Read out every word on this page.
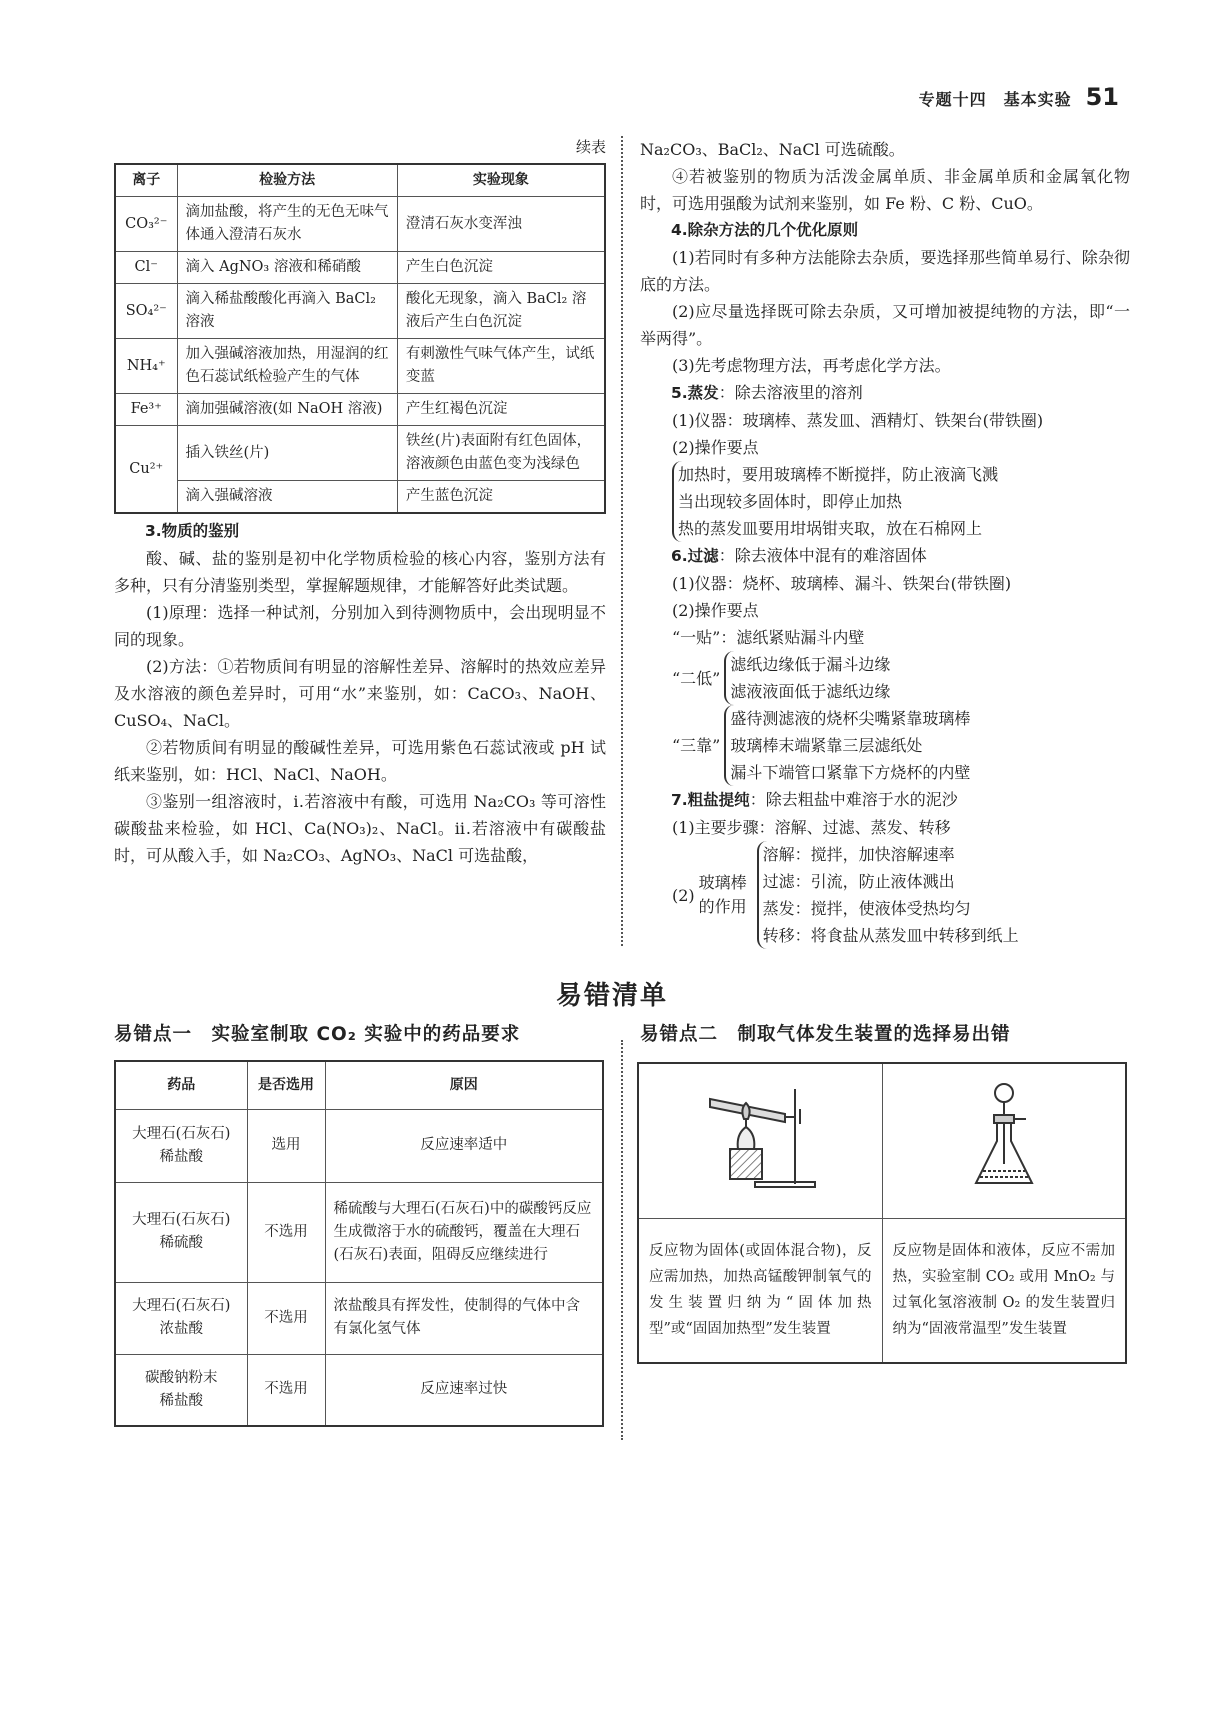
专题十四　基本实验 51
续表
离子	检验方法	实验现象
CO₃²⁻	滴加盐酸，将产生的无色无味气体通入澄清石灰水	澄清石灰水变浑浊
Cl⁻	滴入 AgNO₃ 溶液和稀硝酸	产生白色沉淀
SO₄²⁻	滴入稀盐酸酸化再滴入 BaCl₂ 溶液	酸化无现象，滴入 BaCl₂ 溶液后产生白色沉淀
NH₄⁺	加入强碱溶液加热，用湿润的红色石蕊试纸检验产生的气体	有刺激性气味气体产生，试纸变蓝
Fe³⁺	滴加强碱溶液(如 NaOH 溶液)	产生红褐色沉淀
Cu²⁺	插入铁丝(片)	铁丝(片)表面附有红色固体，溶液颜色由蓝色变为浅绿色
	滴入强碱溶液	产生蓝色沉淀
3.物质的鉴别

酸、碱、盐的鉴别是初中化学物质检验的核心内容，鉴别方法有多种，只有分清鉴别类型，掌握解题规律，才能解答好此类试题。

(1)原理：选择一种试剂，分别加入到待测物质中，会出现明显不同的现象。

(2)方法：①若物质间有明显的溶解性差异、溶解时的热效应差异及水溶液的颜色差异时，可用“水”来鉴别，如：CaCO₃、NaOH、CuSO₄、NaCl。

②若物质间有明显的酸碱性差异，可选用紫色石蕊试液或 pH 试纸来鉴别，如：HCl、NaCl、NaOH。

③鉴别一组溶液时，ⅰ.若溶液中有酸，可选用 Na₂CO₃ 等可溶性碳酸盐来检验，如 HCl、Ca(NO₃)₂、NaCl。ⅱ.若溶液中有碳酸盐时，可从酸入手，如 Na₂CO₃、AgNO₃、NaCl 可选盐酸，

Na₂CO₃、BaCl₂、NaCl 可选硫酸。

④若被鉴别的物质为活泼金属单质、非金属单质和金属氧化物时，可选用强酸为试剂来鉴别，如 Fe 粉、C 粉、CuO。

4.除杂方法的几个优化原则

(1)若同时有多种方法能除去杂质，要选择那些简单易行、除杂彻底的方法。

(2)应尽量选择既可除去杂质，又可增加被提纯物的方法，即“一举两得”。

(3)先考虑物理方法，再考虑化学方法。

5.蒸发：除去溶液里的溶剂

(1)仪器：玻璃棒、蒸发皿、酒精灯、铁架台(带铁圈)

(2)操作要点

加热时，要用玻璃棒不断搅拌，防止液滴飞溅
当出现较多固体时，即停止加热
热的蒸发皿要用坩埚钳夹取，放在石棉网上
6.过滤：除去液体中混有的难溶固体

(1)仪器：烧杯、玻璃棒、漏斗、铁架台(带铁圈)

(2)操作要点

“一贴”：滤纸紧贴漏斗内壁

“二低”
滤纸边缘低于漏斗边缘
滤液液面低于滤纸边缘
“三靠”
盛待测滤液的烧杯尖嘴紧靠玻璃棒
玻璃棒末端紧靠三层滤纸处
漏斗下端管口紧靠下方烧杯的内壁
7.粗盐提纯：除去粗盐中难溶于水的泥沙

(1)主要步骤：溶解、过滤、蒸发、转移

(2)
玻璃棒的作用
溶解：搅拌，加快溶解速率
过滤：引流，防止液体溅出
蒸发：搅拌，使液体受热均匀
转移：将食盐从蒸发皿中转移到纸上
易错清单
易错点一　实验室制取 CO₂ 实验中的药品要求	易错点二　制取气体发生装置的选择易出错
药品	是否选用	原因
大理石(石灰石)
稀盐酸	选用	反应速率适中
大理石(石灰石)
稀硫酸	不选用	稀硫酸与大理石(石灰石)中的碳酸钙反应生成微溶于水的硫酸钙，覆盖在大理石(石灰石)表面，阻碍反应继续进行
大理石(石灰石)
浓盐酸	不选用	浓盐酸具有挥发性，使制得的气体中含有氯化氢气体
碳酸钠粉末
稀盐酸	不选用	反应速率过快

反应物为固体(或固体混合物)，反应需加热，加热高锰酸钾制氧气的发生装置归纳为“固体加热型”或“固固加热型”发生装置	反应物是固体和液体，反应不需加热，实验室制 CO₂ 或用 MnO₂ 与过氧化氢溶液制 O₂ 的发生装置归纳为“固液常温型”发生装置
